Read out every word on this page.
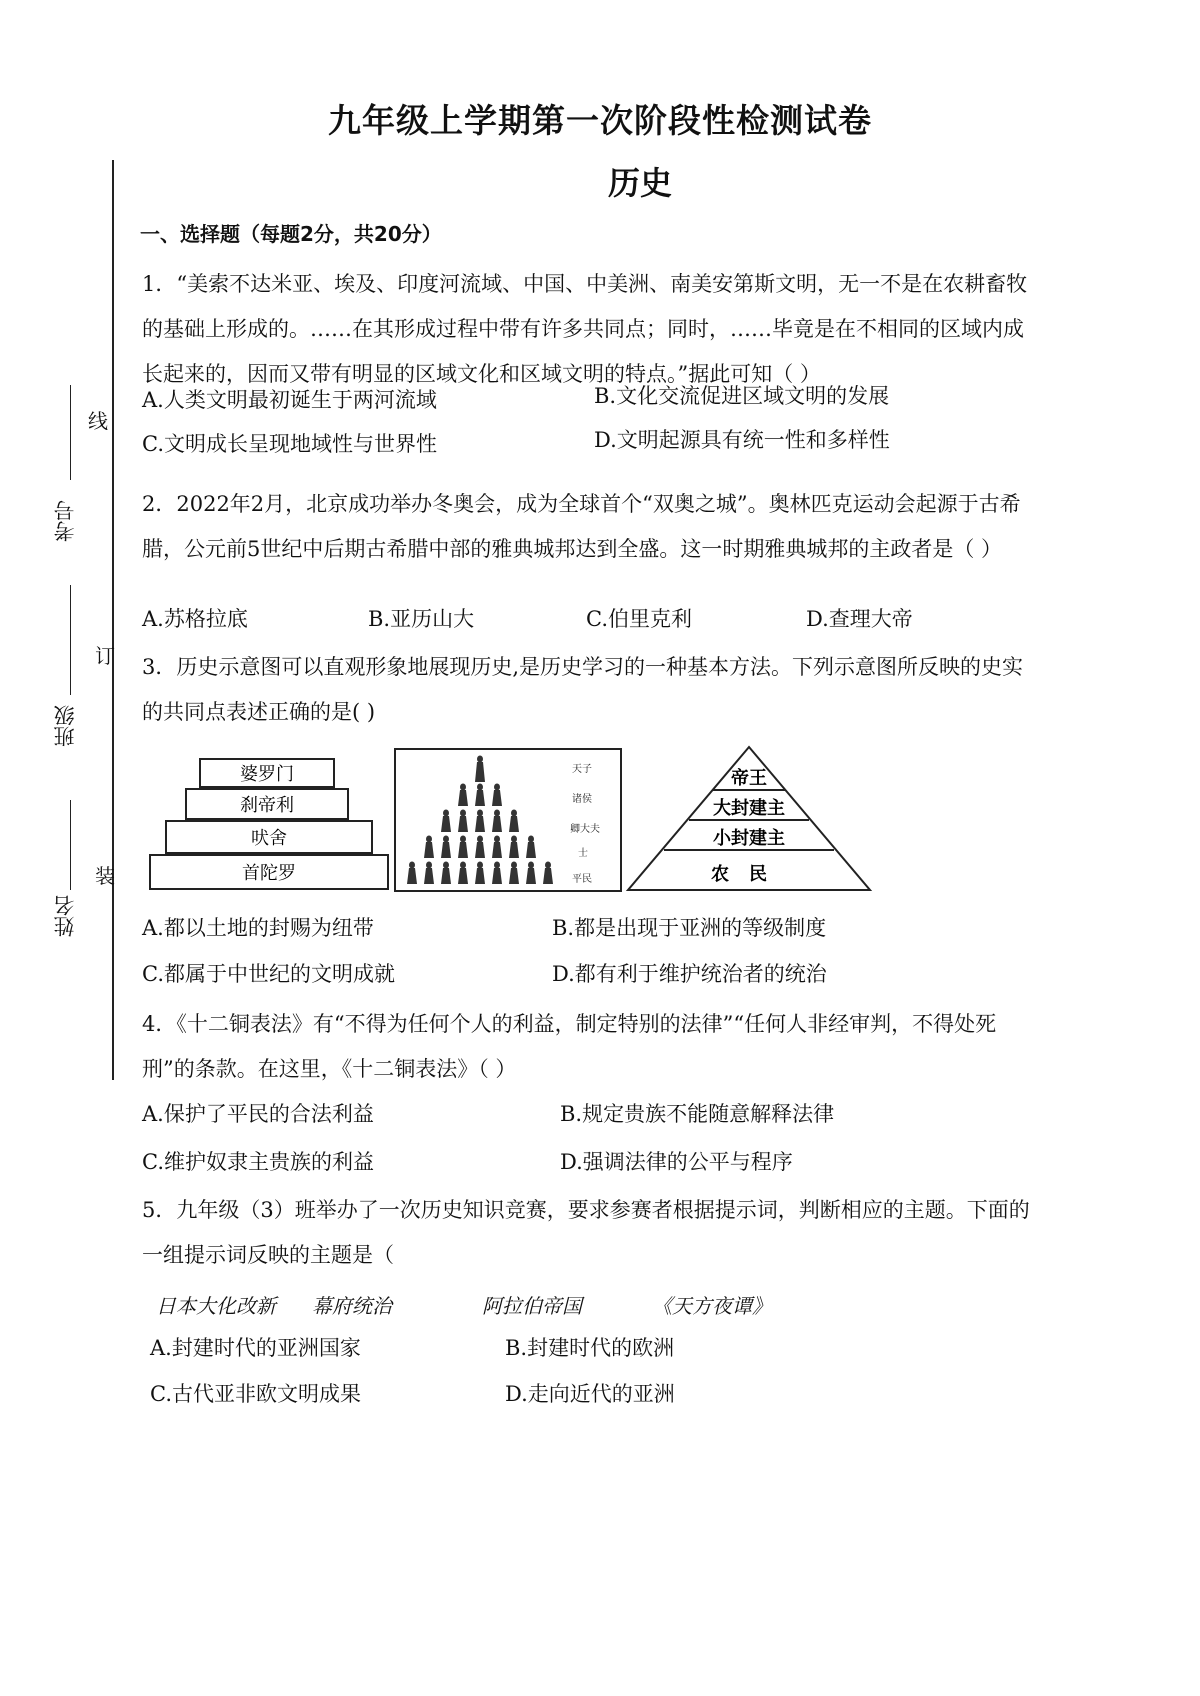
九年级上学期第一次阶段性检测试卷
历史
线
订
装
考号
班级
姓名
一、选择题（每题2分，共20分）
1．“美索不达米亚、埃及、印度河流域、中国、中美洲、南美安第斯文明，无一不是在农耕畜牧
的基础上形成的。……在其形成过程中带有许多共同点；同时，……毕竟是在不相同的区域内成
长起来的，因而又带有明显的区域文化和区域文明的特点。”据此可知（ ）
A.人类文明最初诞生于两河流域	B.文化交流促进区域文明的发展
C.文明成长呈现地域性与世界性	D.文明起源具有统一性和多样性
2．2022年2月，北京成功举办冬奥会，成为全球首个“双奥之城”。奥林匹克运动会起源于古希
腊，公元前5世纪中后期古希腊中部的雅典城邦达到全盛。这一时期雅典城邦的主政者是（ ）
A.苏格拉底	B.亚历山大	C.伯里克利	D.查理大帝
3．历史示意图可以直观形象地展现历史,是历史学习的一种基本方法。下列示意图所反映的史实
的共同点表述正确的是( )
婆罗门
刹帝利
吠舍
首陀罗
天子
诸侯
卿大夫
士
平民
帝王
大封建主
小封建主
农民
A.都以土地的封赐为纽带	B.都是出现于亚洲的等级制度
C.都属于中世纪的文明成就	D.都有利于维护统治者的统治
4．《十二铜表法》有“不得为任何个人的利益，制定特别的法律”“任何人非经审判，不得处死
刑”的条款。在这里，《十二铜表法》（ ）
A.保护了平民的合法利益	B.规定贵族不能随意解释法律
C.维护奴隶主贵族的利益	D.强调法律的公平与程序
5．九年级（3）班举办了一次历史知识竞赛，要求参赛者根据提示词，判断相应的主题。下面的
一组提示词反映的主题是（
日本大化改新 幕府统治	阿拉伯帝国	《天方夜谭》
A.封建时代的亚洲国家	B.封建时代的欧洲
C.古代亚非欧文明成果	D.走向近代的亚洲
